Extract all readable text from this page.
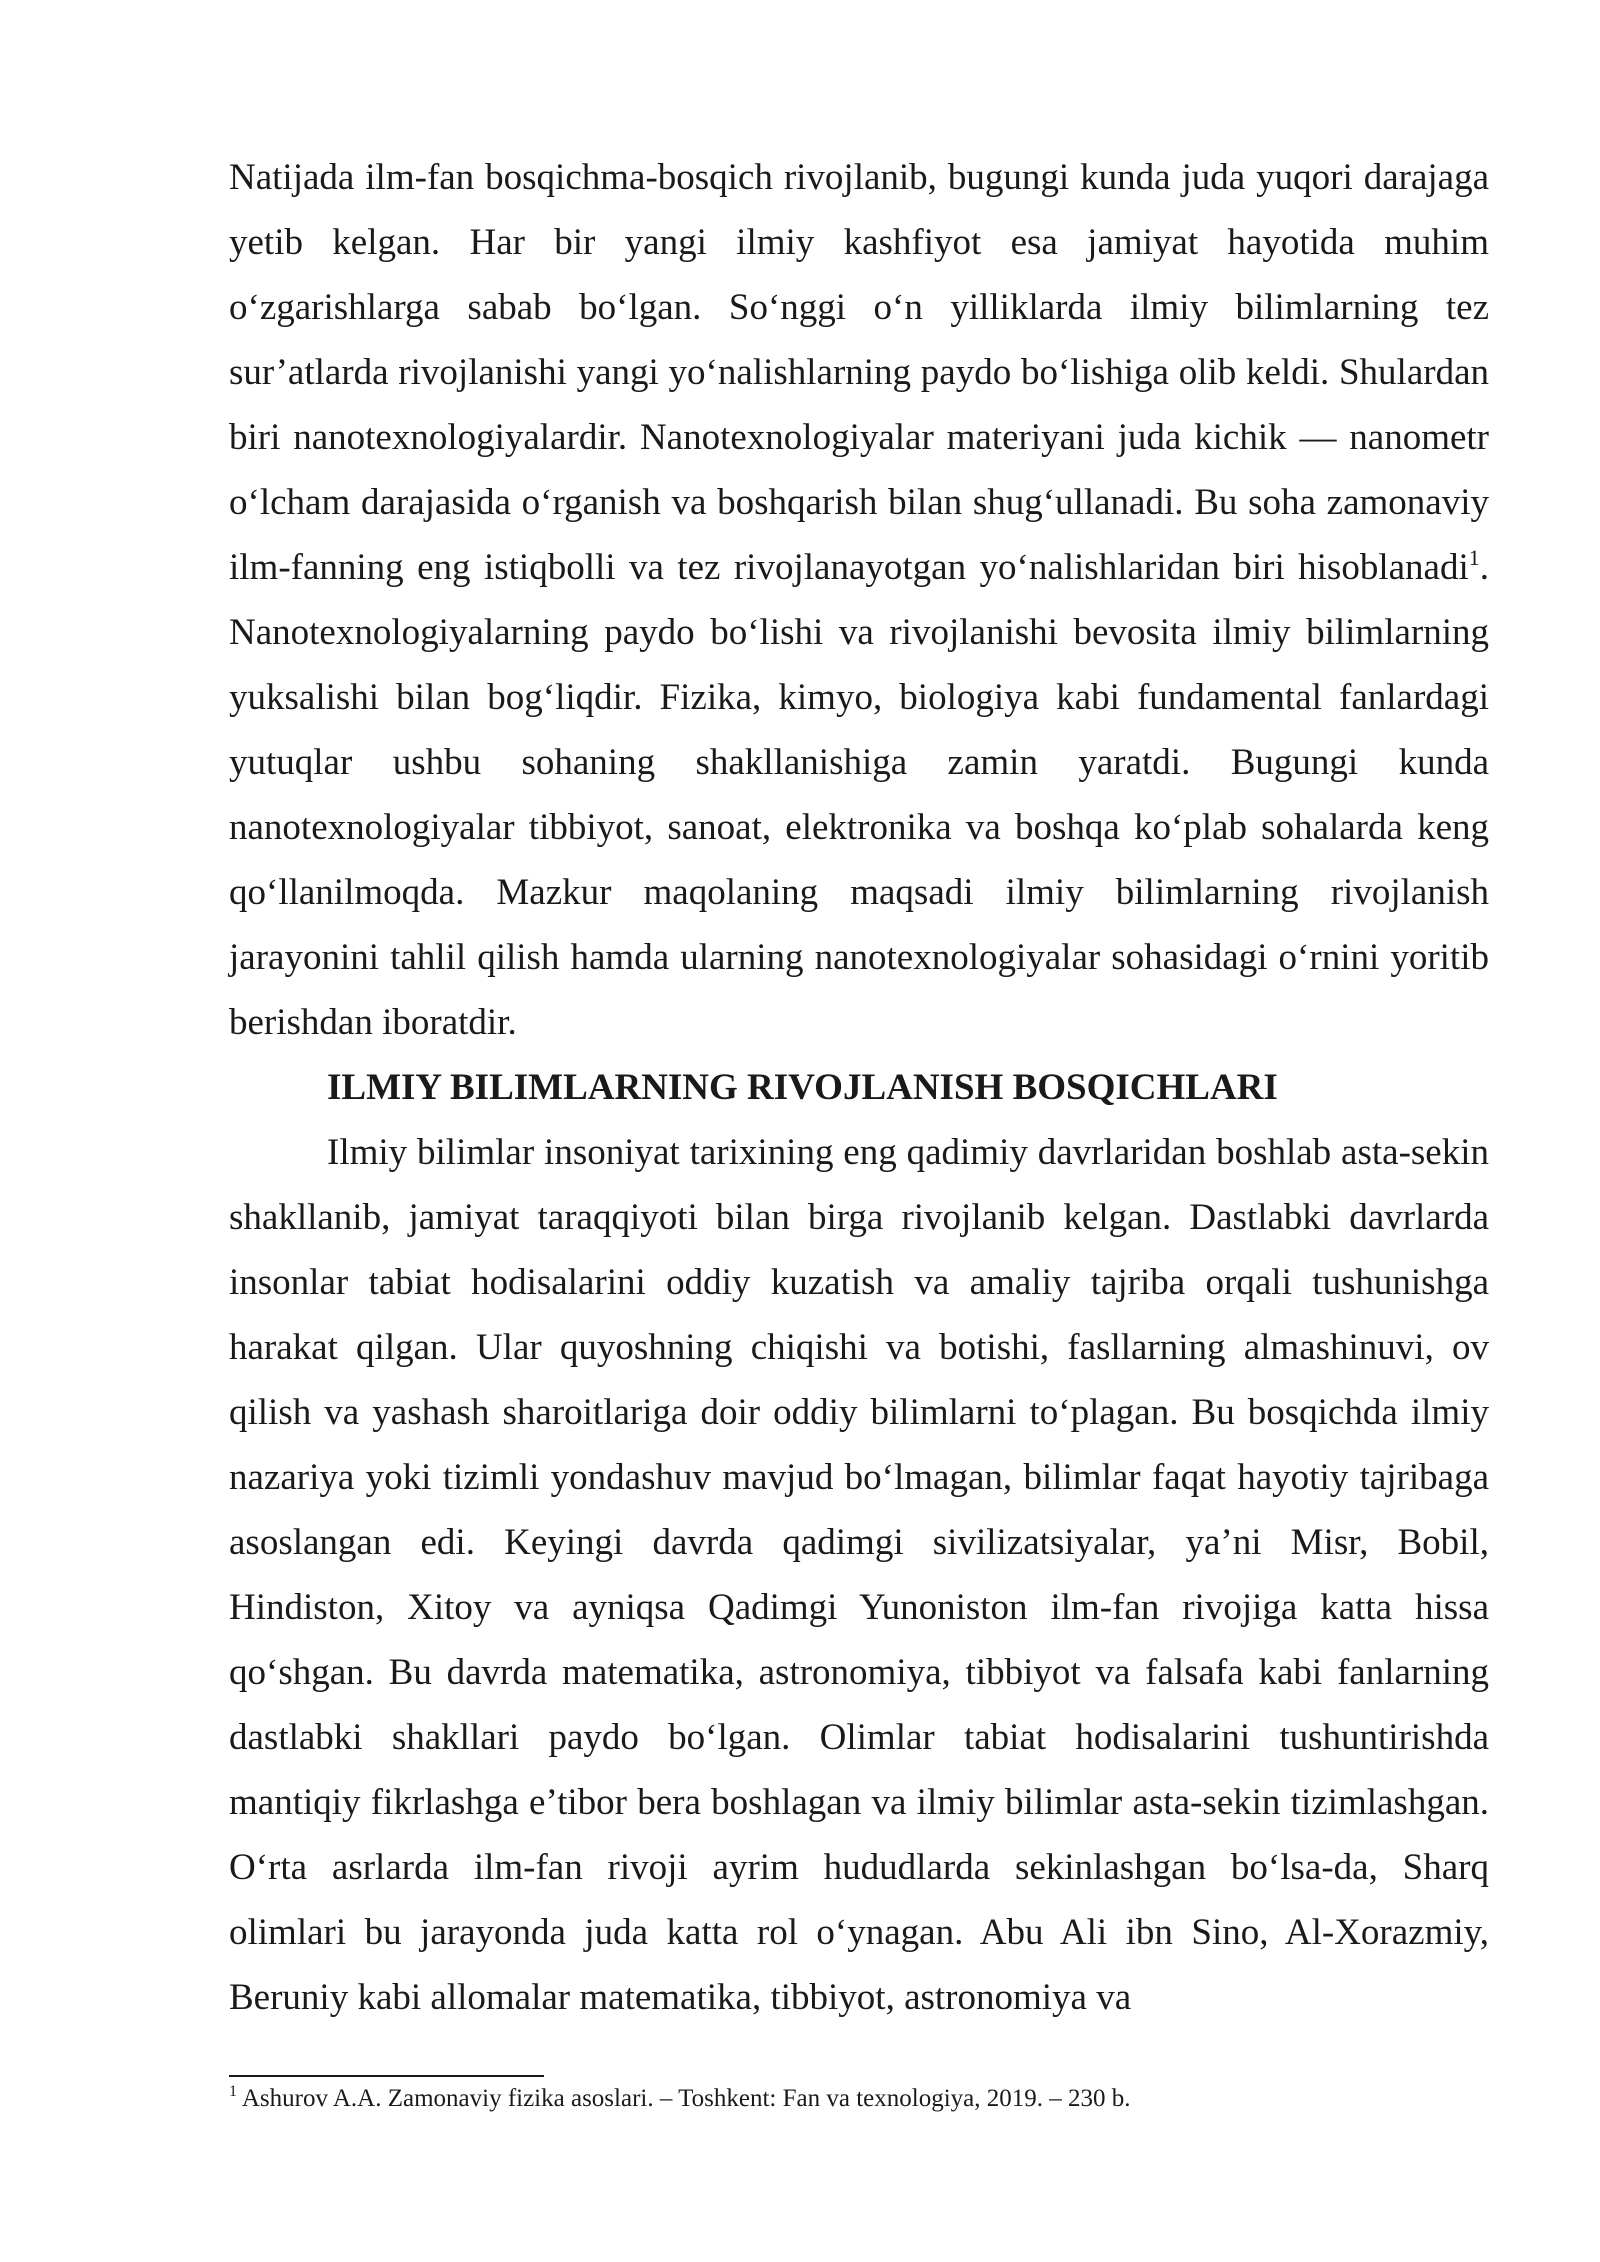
Natijada ilm-fan bosqichma-bosqich rivojlanib, bugungi kunda juda yuqori darajaga yetib kelgan. Har bir yangi ilmiy kashfiyot esa jamiyat hayotida muhim o‘zgarishlarga sabab bo‘lgan. So‘nggi o‘n yilliklarda ilmiy bilimlarning tez sur’atlarda rivojlanishi yangi yo‘nalishlarning paydo bo‘lishiga olib keldi. Shulardan biri nanotexnologiyalardir. Nanotexnologiyalar materiyani juda kichik — nanometr o‘lcham darajasida o‘rganish va boshqarish bilan shug‘ullanadi. Bu soha zamonaviy ilm-fanning eng istiqbolli va tez rivojlanayotgan yo‘nalishlaridan biri hisoblanadi$^1$. Nanotexnologiyalarning paydo bo‘lishi va rivojlanishi bevosita ilmiy bilimlarning yuksalishi bilan bog‘liqdir. Fizika, kimyo, biologiya kabi fundamental fanlardagi yutuqlar ushbu sohaning shakllanishiga zamin yaratdi. Bugungi kunda nanotexnologiyalar tibbiyot, sanoat, elektronika va boshqa ko‘plab sohalarda keng qo‘llanilmoqda. Mazkur maqolaning maqsadi ilmiy bilimlarning rivojlanish jarayonini tahlil qilish hamda ularning nanotexnologiyalar sohasidagi o‘rnini yoritib berishdan iboratdir.

ILMIY BILIMLARNING RIVOJLANISH BOSQICHLARI

Ilmiy bilimlar insoniyat tarixining eng qadimiy davrlaridan boshlab asta-sekin shakllanib, jamiyat taraqqiyoti bilan birga rivojlanib kelgan. Dastlabki davrlarda insonlar tabiat hodisalarini oddiy kuzatish va amaliy tajriba orqali tushunishga harakat qilgan. Ular quyoshning chiqishi va botishi, fasllarning almashinuvi, ov qilish va yashash sharoitlariga doir oddiy bilimlarni to‘plagan. Bu bosqichda ilmiy nazariya yoki tizimli yondashuv mavjud bo‘lmagan, bilimlar faqat hayotiy tajribaga asoslangan edi. Keyingi davrda qadimgi sivilizatsiyalar, ya’ni Misr, Bobil, Hindiston, Xitoy va ayniqsa Qadimgi Yunoniston ilm-fan rivojiga katta hissa qo‘shgan. Bu davrda matematika, astronomiya, tibbiyot va falsafa kabi fanlarning dastlabki shakllari paydo bo‘lgan. Olimlar tabiat hodisalarini tushuntirishda mantiqiy fikrlashga e’tibor bera boshlagan va ilmiy bilimlar asta-sekin tizimlashgan. O‘rta asrlarda ilm-fan rivoji ayrim hududlarda sekinlashgan bo‘lsa-da, Sharq olimlari bu jarayonda juda katta rol o‘ynagan. Abu Ali ibn Sino, Al-Xorazmiy, Beruniy kabi allomalar matematika, tibbiyot, astronomiya va

$^1$ Ashurov A.A. Zamonaviy fizika asoslari. – Toshkent: Fan va texnologiya, 2019. – 230 b.
